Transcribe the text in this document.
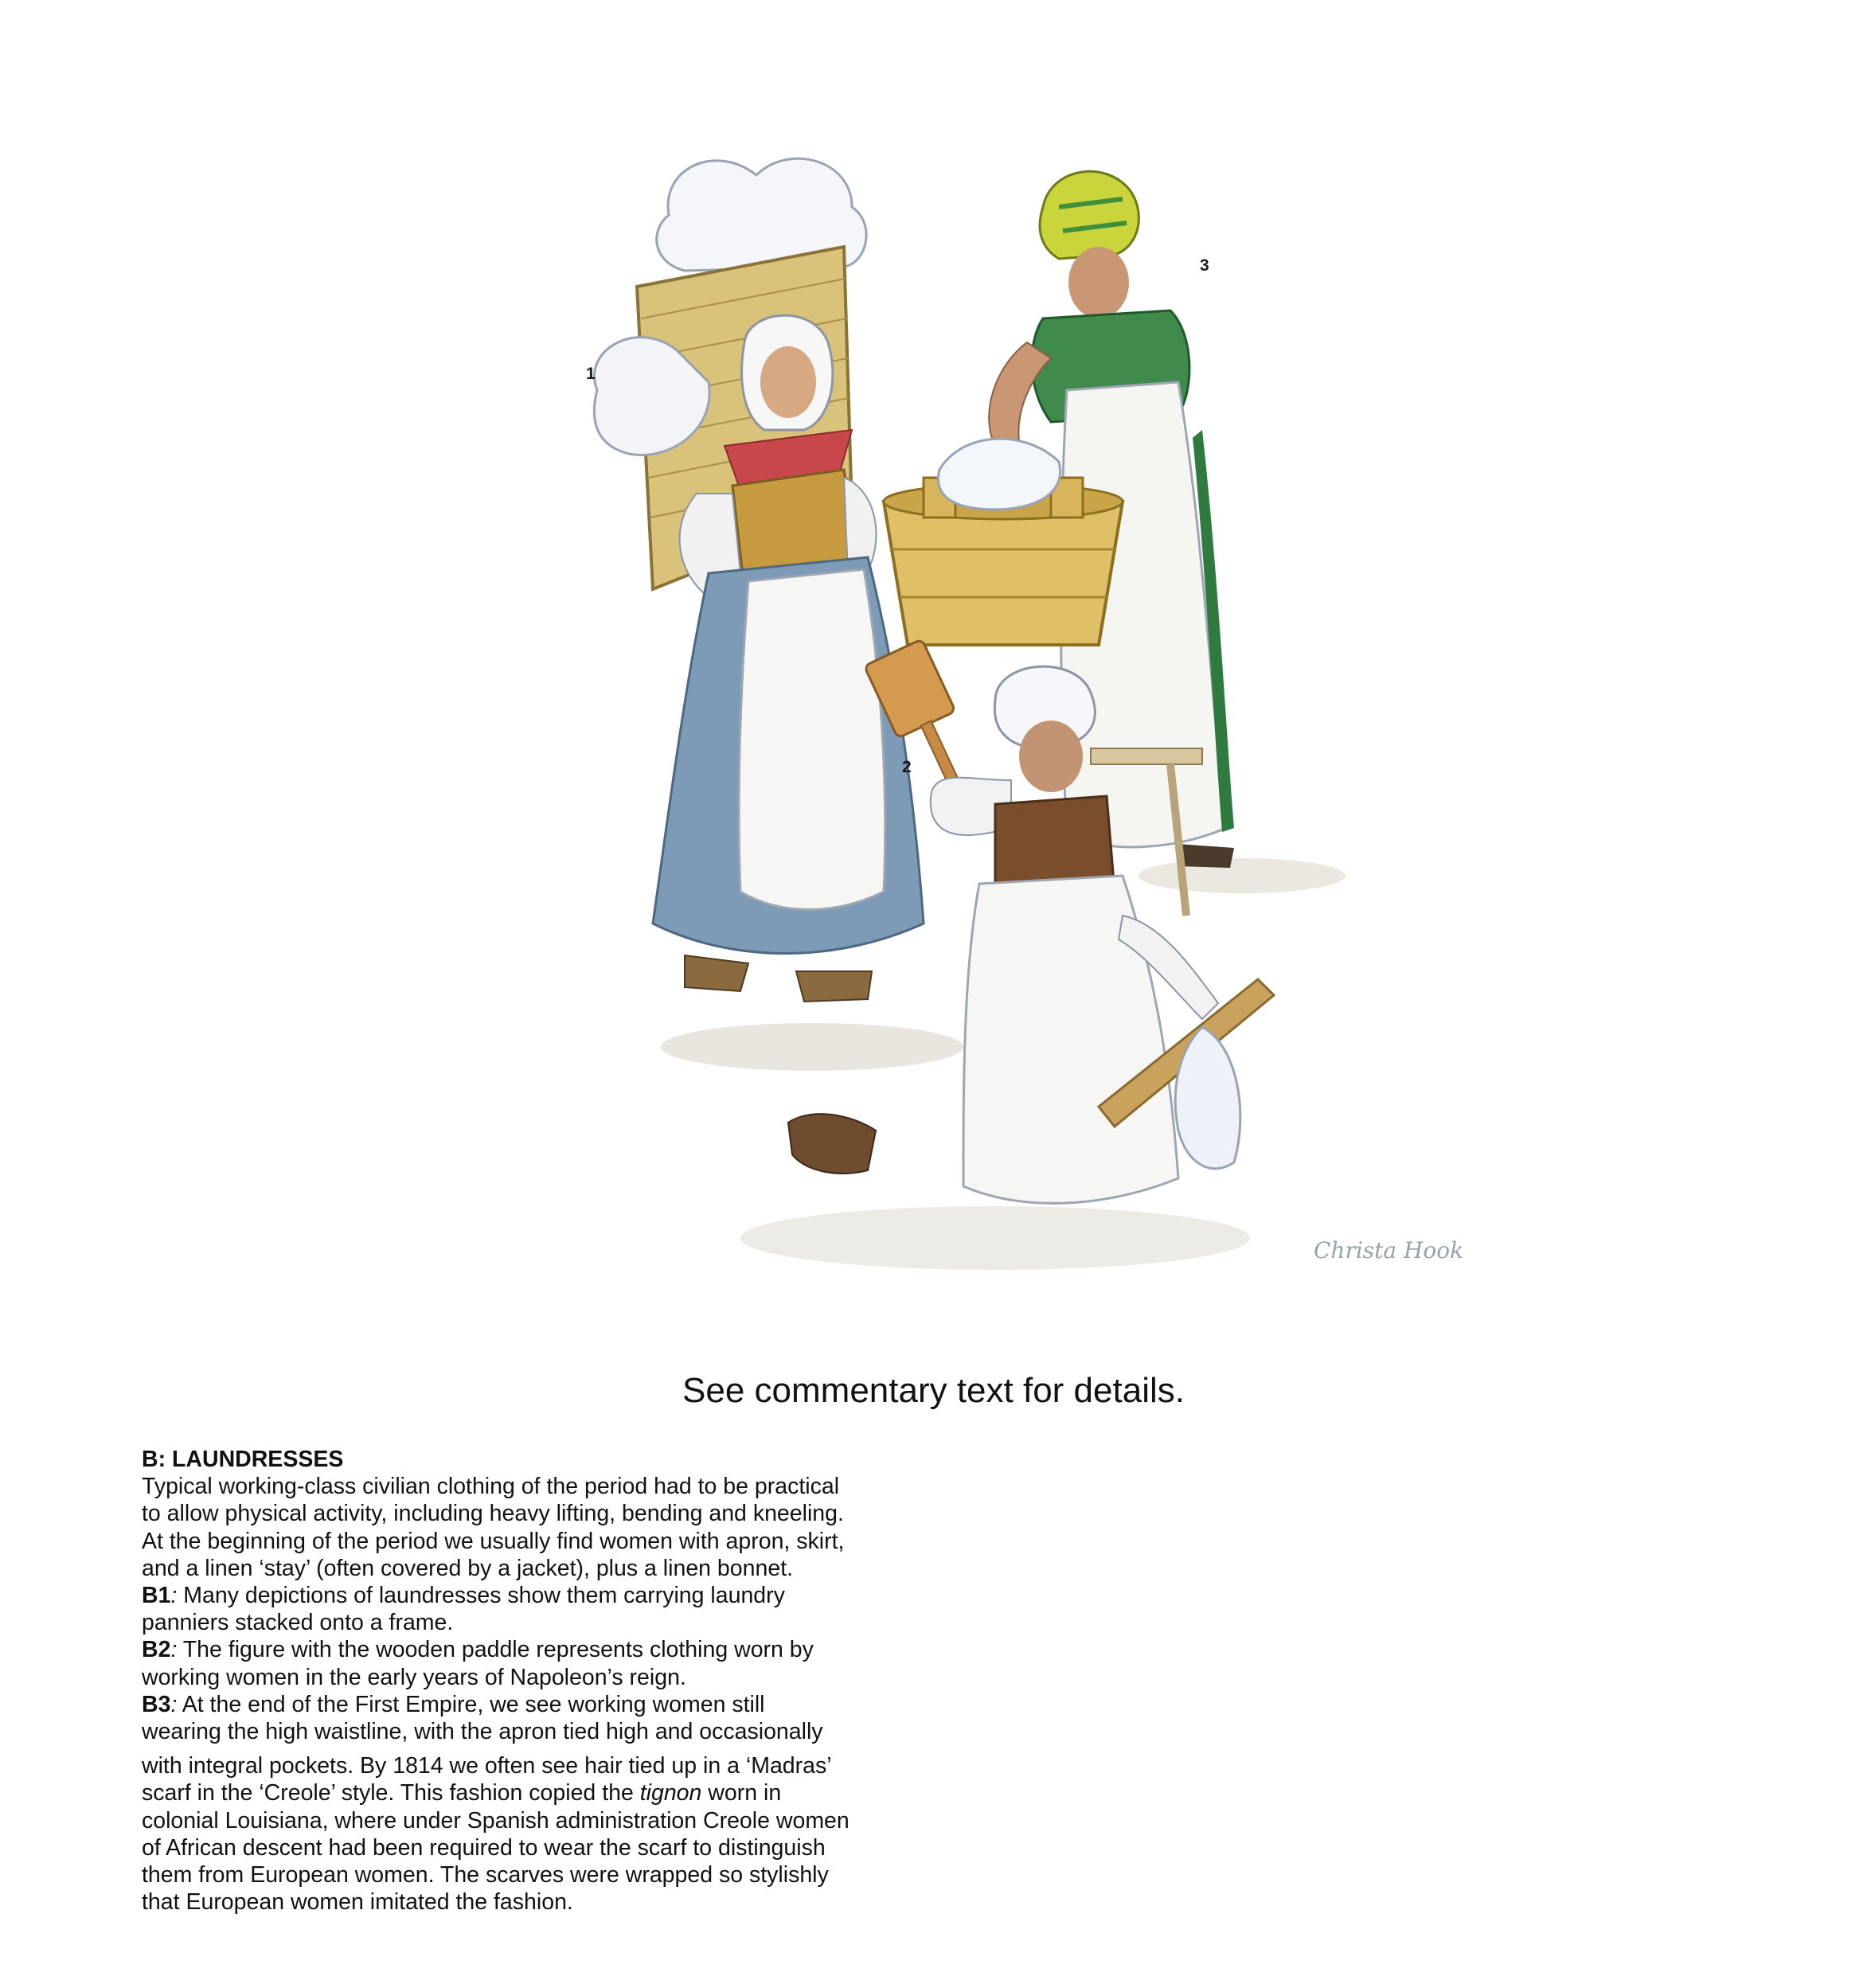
Christa Hook
1
2
3
See commentary text for details.
B: LAUNDRESSES
Typical working-class civilian clothing of the period had to be practical
to allow physical activity, including heavy lifting, bending and kneeling.
At the beginning of the period we usually find women with apron, skirt,
and a linen ‘stay’ (often covered by a jacket), plus a linen bonnet.
B1: Many depictions of laundresses show them carrying laundry
panniers stacked onto a frame.
B2: The figure with the wooden paddle represents clothing worn by
working women in the early years of Napoleon’s reign.
B3: At the end of the First Empire, we see working women still
wearing the high waistline, with the apron tied high and occasionally
with integral pockets. By 1814 we often see hair tied up in a ‘Madras’
scarf in the ‘Creole’ style. This fashion copied the tignon worn in
colonial Louisiana, where under Spanish administration Creole women
of African descent had been required to wear the scarf to distinguish
them from European women. The scarves were wrapped so stylishly
that European women imitated the fashion.
